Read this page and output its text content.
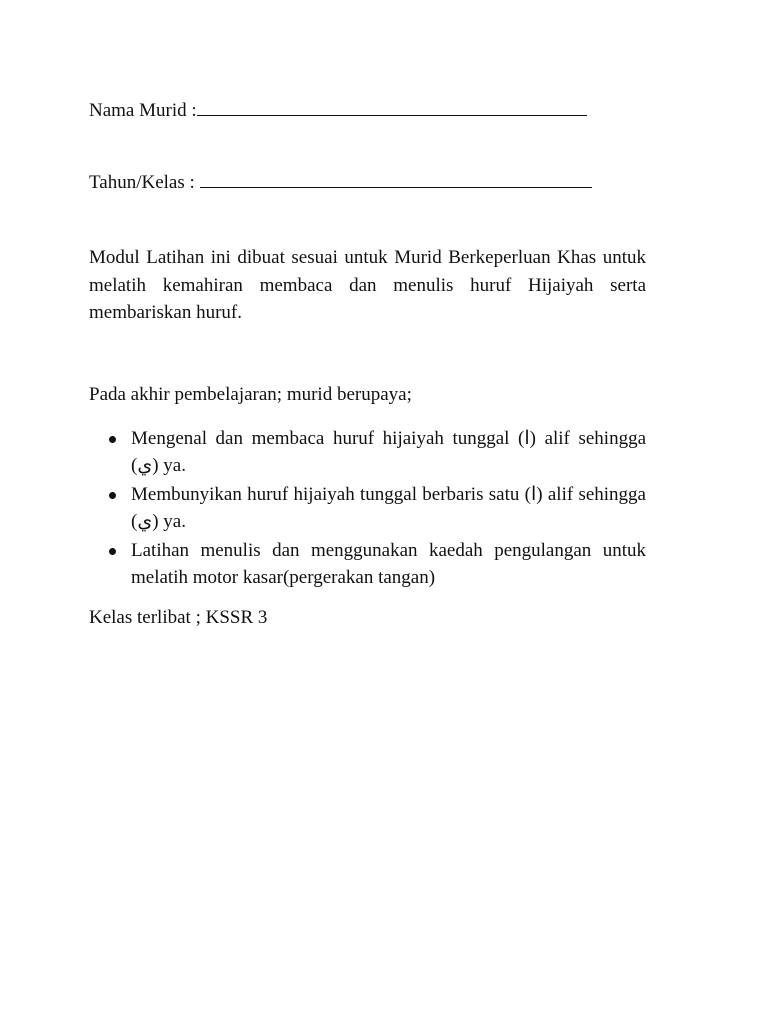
Nama Murid :
Tahun/Kelas :
Modul Latihan ini dibuat sesuai untuk Murid Berkeperluan Khas untuk melatih kemahiran membaca dan menulis huruf Hijaiyah serta membariskan huruf.
Pada akhir pembelajaran; murid berupaya;
Mengenal dan membaca huruf hijaiyah tunggal (ا) alif sehingga (ي) ya.
Membunyikan huruf hijaiyah tunggal berbaris satu (ا) alif sehingga (ي) ya.
Latihan menulis dan menggunakan kaedah pengulangan untuk melatih motor kasar(pergerakan tangan)
Kelas terlibat ; KSSR 3
